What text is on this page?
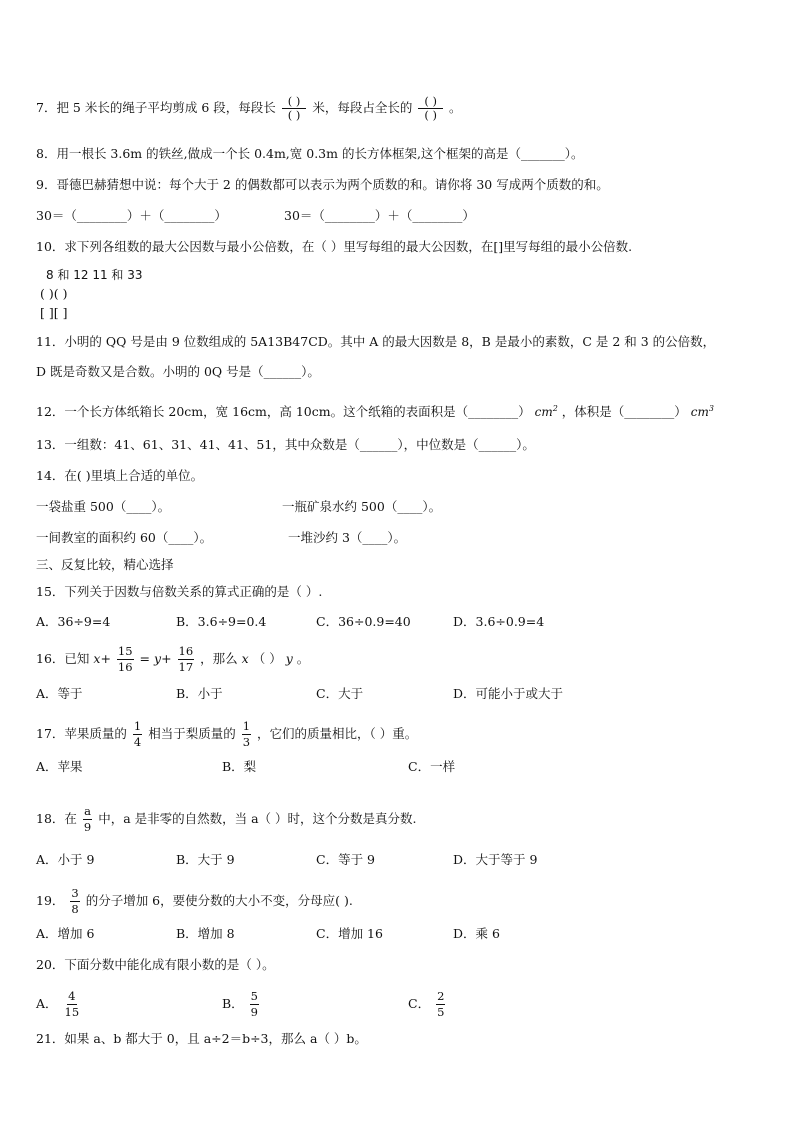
7．把 5 米长的绳子平均剪成 6 段，每段长 $\frac{( )}{( )}$ 米，每段占全长的 $\frac{( )}{( )}$ 。
8．用一根长 3.6m 的铁丝,做成一个长 0.4m,宽 0.3m 的长方体框架,这个框架的高是（_______）。
9．哥德巴赫猜想中说：每个大于 2 的偶数都可以表示为两个质数的和。请你将 30 写成两个质数的和。
30＝（________）＋（________）	30＝（________）＋（________）
10．求下列各组数的最大公因数与最小公倍数，在（ ）里写每组的最大公因数，在[]里写每组的最小公倍数.
8 和 12 11 和 33
( )( )
[ ][ ]
11．小明的 QQ 号是由 9 位数组成的 5A13B47CD。其中 A 的最大因数是 8，B 是最小的素数，C 是 2 和 3 的公倍数，
D 既是奇数又是合数。小明的 0Q 号是（______）。
12．一个长方体纸箱长 20cm，宽 16cm，高 10cm。这个纸箱的表面积是（________） $cm^2$ ，体积是（________） $cm^3$
13．一组数：41、61、31、41、41、51，其中众数是（______），中位数是（______）。
14．在( )里填上合适的单位。
一袋盐重 500（____）。	一瓶矿泉水约 500（____）。
一间教室的面积约 60（____）。	一堆沙约 3（____）。
三、反复比较，精心选择
15．下列关于因数与倍数关系的算式正确的是（ ）.
A．36÷9=4	B．3.6÷9=0.4	C．36÷0.9=40	D．3.6÷0.9=4
16．已知 $x+ \frac{15}{16} = y+ \frac{16}{17}$ ，那么 x （ ） y 。
A．等于	B．小于	C．大于	D．可能小于或大于
17．苹果质量的 $\frac{1}{4}$ 相当于梨质量的 $\frac{1}{3}$ ，它们的质量相比，（ ）重。
A．苹果	B．梨	C．一样
18．在 $\frac{a}{9}$ 中，a 是非零的自然数，当 a（ ）时，这个分数是真分数.
A．小于 9	B．大于 9	C．等于 9	D．大于等于 9
19． $\frac{3}{8}$ 的分子增加 6，要使分数的大小不变，分母应( ).
A．增加 6	B．增加 8	C．增加 16	D．乘 6
20．下面分数中能化成有限小数的是（ ）。
A． $\frac{4}{15}$	B． $\frac{5}{9}$	C． $\frac{2}{5}$
21．如果 a、b 都大于 0，且 a÷2＝b÷3，那么 a（ ）b。
